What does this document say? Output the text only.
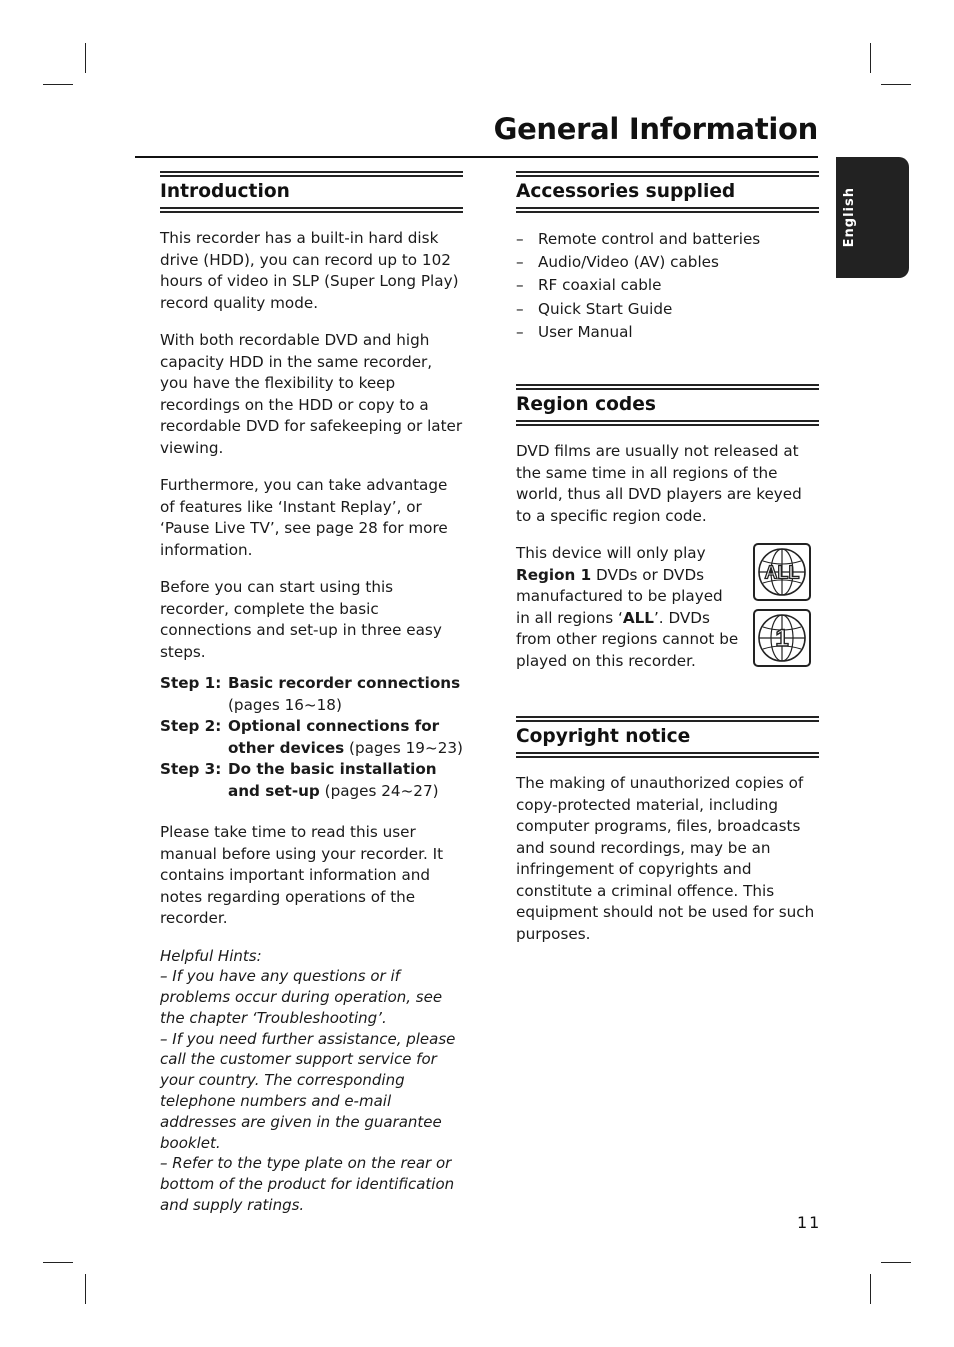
General Information
English
Introduction

This recorder has a built-in hard disk drive (HDD), you can record up to 102 hours of video in SLP (Super Long Play) record quality mode.

With both recordable DVD and high capacity HDD in the same recorder, you have the flexibility to keep recordings on the HDD or copy to a recordable DVD for safekeeping or later viewing.

Furthermore, you can take advantage of features like ‘Instant Replay’, or ‘Pause Live TV’, see page 28 for more information.

Before you can start using this recorder, complete the basic connections and set-up in three easy steps.

Step 1: Basic recorder connections (pages 16~18)
Step 2: Optional connections for other devices (pages 19~23)
Step 3: Do the basic installation and set-up (pages 24~27)

Please take time to read this user manual before using your recorder. It contains important information and notes regarding operations of the recorder.

Helpful Hints:
– If you have any questions or if problems occur during operation, see the chapter ‘Troubleshooting’.
– If you need further assistance, please call the customer support service for your country. The corresponding telephone numbers and e-mail addresses are given in the guarantee booklet.
– Refer to the type plate on the rear or bottom of the product for identification and supply ratings.
Accessories supplied
– Remote control and batteries
– Audio/Video (AV) cables
– RF coaxial cable
– Quick Start Guide
– User Manual
Region codes

DVD films are usually not released at the same time in all regions of the world, thus all DVD players are keyed to a specific region code.

This device will only play Region 1 DVDs or DVDs manufactured to be played in all regions ‘ALL’. DVDs from other regions cannot be played on this recorder.

ALL
1
Copyright notice

The making of unauthorized copies of copy-protected material, including computer programs, files, broadcasts and sound recordings, may be an infringement of copyrights and constitute a criminal offence. This equipment should not be used for such purposes.

11
